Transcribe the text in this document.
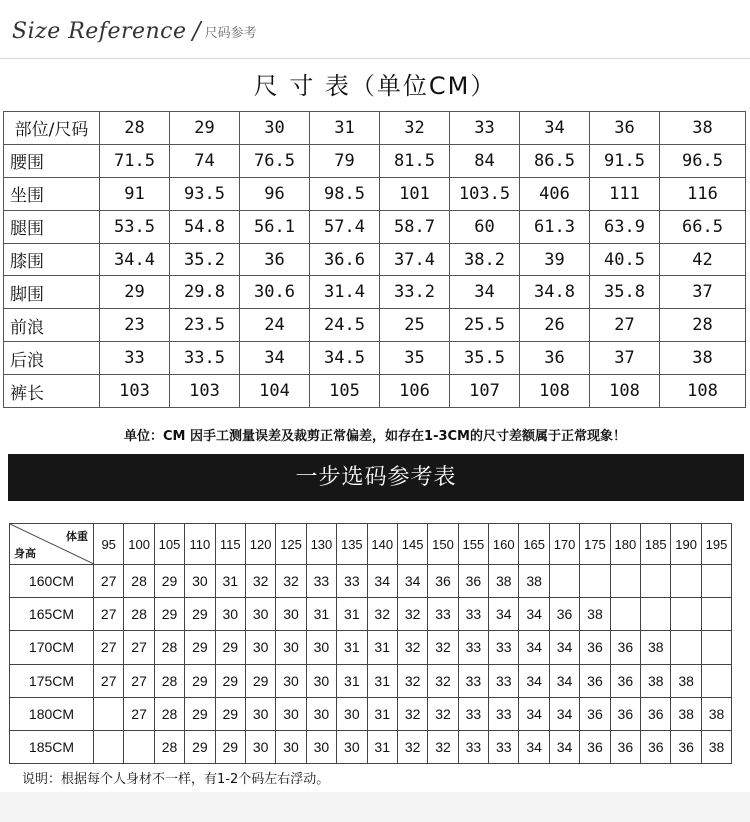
Size Reference / 尺码参考
尺 寸 表（单位CM）
部位/尺码	28	29	30	31	32	33	34	36	38
腰围	71.5	74	76.5	79	81.5	84	86.5	91.5	96.5
坐围	91	93.5	96	98.5	101	103.5	406	111	116
腿围	53.5	54.8	56.1	57.4	58.7	60	61.3	63.9	66.5
膝围	34.4	35.2	36	36.6	37.4	38.2	39	40.5	42
脚围	29	29.8	30.6	31.4	33.2	34	34.8	35.8	37
前浪	23	23.5	24	24.5	25	25.5	26	27	28
后浪	33	33.5	34	34.5	35	35.5	36	37	38
裤长	103	103	104	105	106	107	108	108	108
单位：CM 因手工测量误差及裁剪正常偏差，如存在1-3CM的尺寸差额属于正常现象！
一步选码参考表
体重
身高	95	100	105	110	115	120	125	130	135	140	145	150	155	160	165	170	175	180	185	190	195
160CM	27	28	29	30	31	32	32	33	33	34	34	36	36	38	38						
165CM	27	28	29	29	30	30	30	31	31	32	32	33	33	34	34	36	38				
170CM	27	27	28	29	29	30	30	30	31	31	32	32	33	33	34	34	36	36	38		
175CM	27	27	28	29	29	29	30	30	31	31	32	32	33	33	34	34	36	36	38	38	
180CM		27	28	29	29	30	30	30	30	31	32	32	33	33	34	34	36	36	36	38	38
185CM			28	29	29	30	30	30	30	31	32	32	33	33	34	34	36	36	36	36	38
说明：根据每个人身材不一样，有1-2个码左右浮动。
